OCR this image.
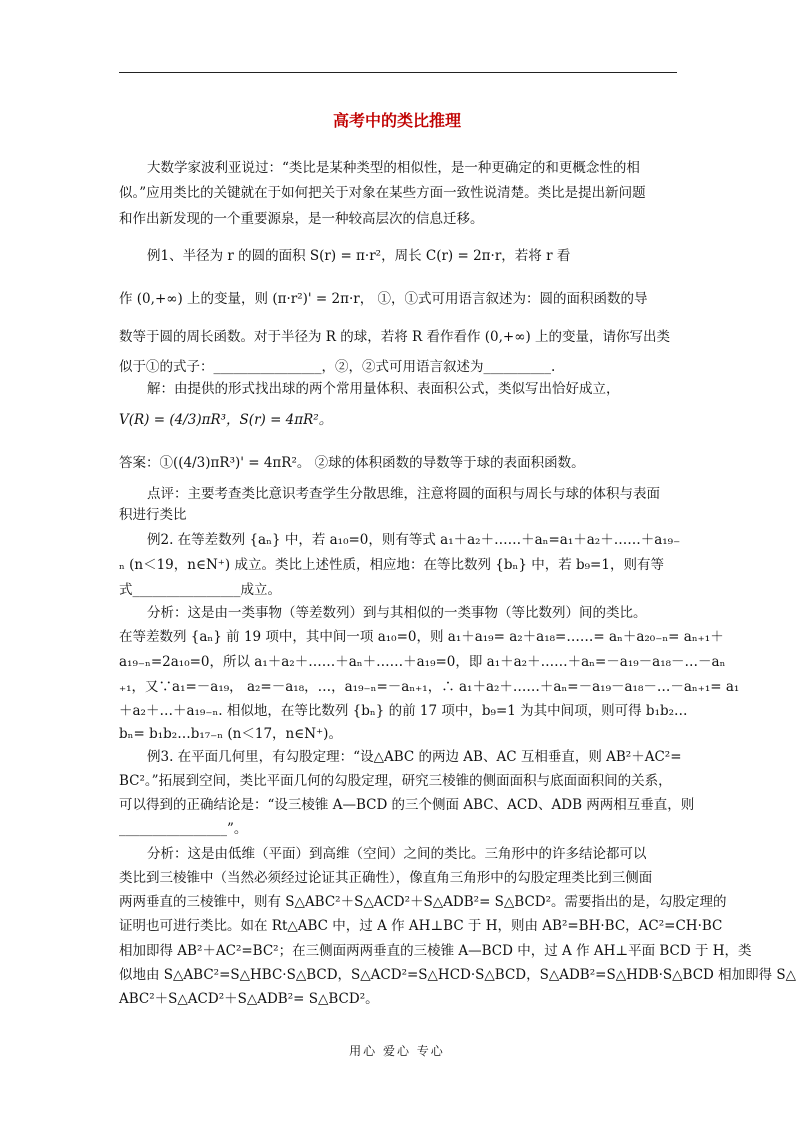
高考中的类比推理
大数学家波利亚说过：“类比是某种类型的相似性，是一种更确定的和更概念性的相
似。”应用类比的关键就在于如何把关于对象在某些方面一致性说清楚。类比是提出新问题
和作出新发现的一个重要源泉，是一种较高层次的信息迁移。
例1、半径为 r 的圆的面积 S(r) = π·r²，周长 C(r) = 2π·r，若将 r 看
作 (0,+∞) 上的变量，则 (π·r²)' = 2π·r， ①，①式可用语言叙述为：圆的面积函数的导
数等于圆的周长函数。对于半径为 R 的球，若将 R 看作看作 (0,+∞) 上的变量，请你写出类
似于①的式子：________________，②，②式可用语言叙述为__________.
解：由提供的形式找出球的两个常用量体积、表面积公式，类似写出恰好成立，
V(R) = (4/3)πR³，S(r) = 4πR²。
答案：①((4/3)πR³)' = 4πR²。 ②球的体积函数的导数等于球的表面积函数。
点评：主要考查类比意识考查学生分散思维，注意将圆的面积与周长与球的体积与表面
积进行类比
例2. 在等差数列 {aₙ} 中，若 a₁₀=0，则有等式 a₁＋a₂＋……＋aₙ=a₁＋a₂＋……＋a₁₉₋
ₙ (n＜19，n∈N⁺) 成立。类比上述性质，相应地：在等比数列 {bₙ} 中，若 b₉=1，则有等
式________________成立。
分析：这是由一类事物（等差数列）到与其相似的一类事物（等比数列）间的类比。
在等差数列 {aₙ} 前 19 项中，其中间一项 a₁₀=0，则 a₁＋a₁₉= a₂＋a₁₈=……= aₙ＋a₂₀₋ₙ= aₙ₊₁＋
a₁₉₋ₙ=2a₁₀=0，所以 a₁＋a₂＋……＋aₙ＋……＋a₁₉=0，即 a₁＋a₂＋……＋aₙ=－a₁₉－a₁₈－…－aₙ
₊₁，又∵a₁=－a₁₉， a₂=－a₁₈，…，a₁₉₋ₙ=－aₙ₊₁，∴ a₁＋a₂＋……＋aₙ=－a₁₉－a₁₈－…－aₙ₊₁= a₁
＋a₂＋…＋a₁₉₋ₙ. 相似地，在等比数列 {bₙ} 的前 17 项中，b₉=1 为其中间项，则可得 b₁b₂…
bₙ= b₁b₂…b₁₇₋ₙ (n＜17，n∈N⁺)。
例3. 在平面几何里，有勾股定理：“设△ABC 的两边 AB、AC 互相垂直，则 AB²＋AC²=
BC²。”拓展到空间，类比平面几何的勾股定理，研究三棱锥的侧面面积与底面面积间的关系，
可以得到的正确结论是：“设三棱锥 A—BCD 的三个侧面 ABC、ACD、ADB 两两相互垂直，则
________________”。
分析：这是由低维（平面）到高维（空间）之间的类比。三角形中的许多结论都可以
类比到三棱锥中（当然必须经过论证其正确性），像直角三角形中的勾股定理类比到三侧面
两两垂直的三棱锥中，则有 S△ABC²＋S△ACD²＋S△ADB²= S△BCD²。需要指出的是，勾股定理的
证明也可进行类比。如在 Rt△ABC 中，过 A 作 AH⊥BC 于 H，则由 AB²=BH·BC，AC²=CH·BC
相加即得 AB²＋AC²=BC²；在三侧面两两垂直的三棱锥 A—BCD 中，过 A 作 AH⊥平面 BCD 于 H，类
似地由 S△ABC²=S△HBC·S△BCD，S△ACD²=S△HCD·S△BCD，S△ADB²=S△HDB·S△BCD 相加即得 S△
ABC²＋S△ACD²＋S△ADB²= S△BCD²。
用心 爱心 专心
